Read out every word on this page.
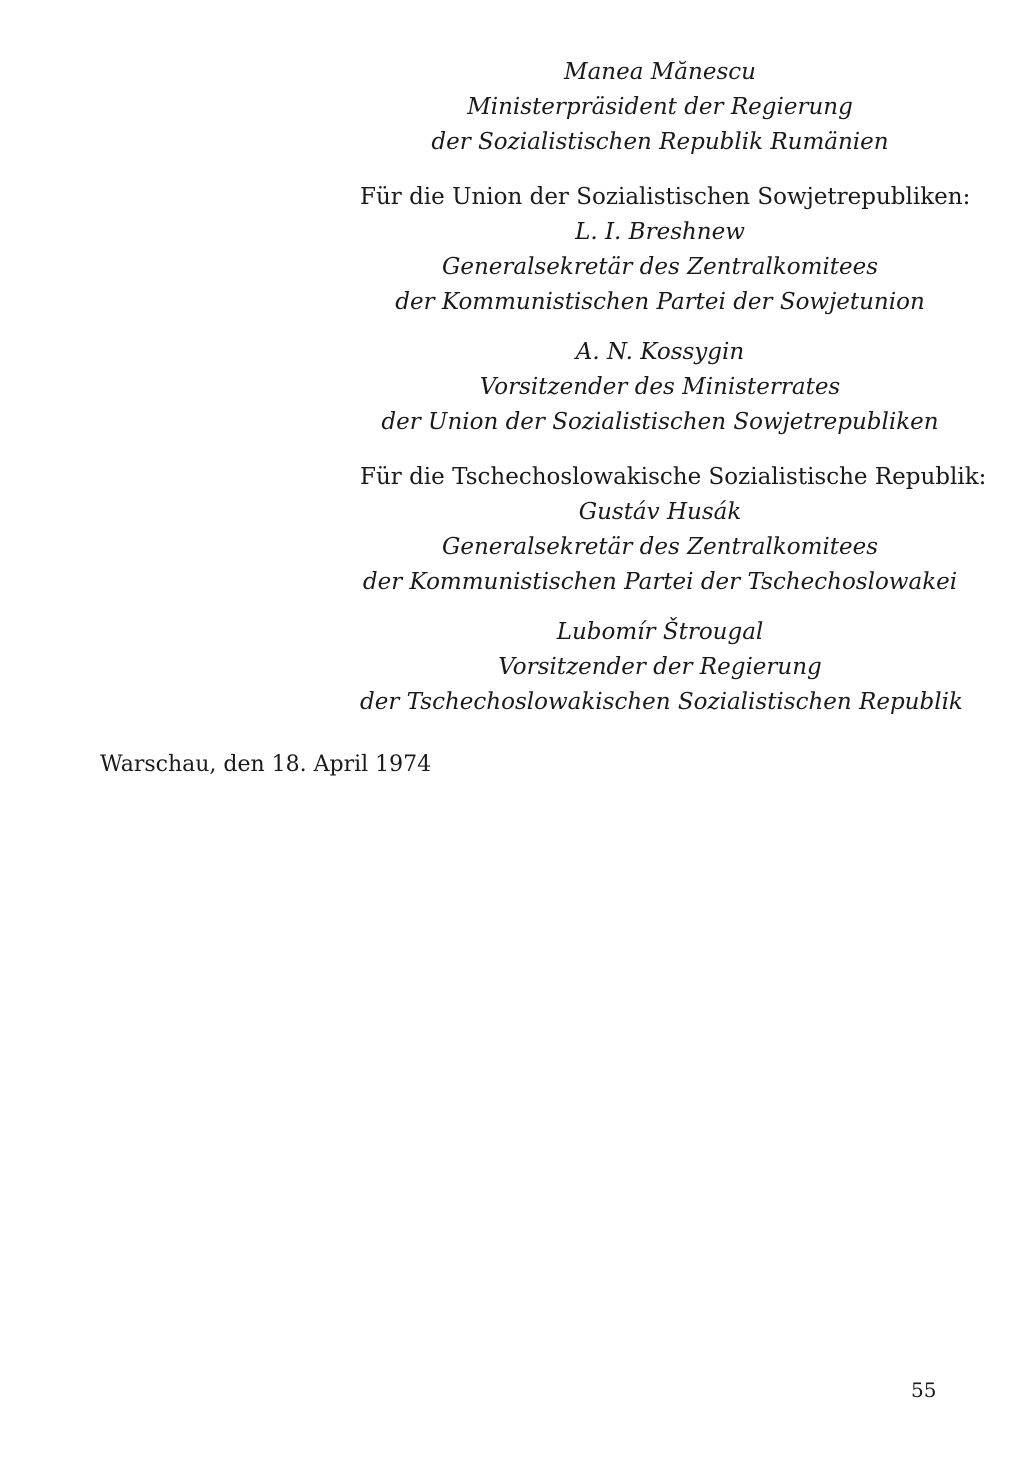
Manea Mănescu
Ministerpräsident der Regierung
der Sozialistischen Republik Rumänien
Für die Union der Sozialistischen Sowjetrepubliken:
L. I. Breshnew
Generalsekretär des Zentralkomitees
der Kommunistischen Partei der Sowjetunion
A. N. Kossygin
Vorsitzender des Ministerrates
der Union der Sozialistischen Sowjetrepubliken
Für die Tschechoslowakische Sozialistische Republik:
Gustáv Husák
Generalsekretär des Zentralkomitees
der Kommunistischen Partei der Tschechoslowakei
Lubomír Štrougal
Vorsitzender der Regierung
der Tschechoslowakischen Sozialistischen Republik
Warschau, den 18. April 1974
55
